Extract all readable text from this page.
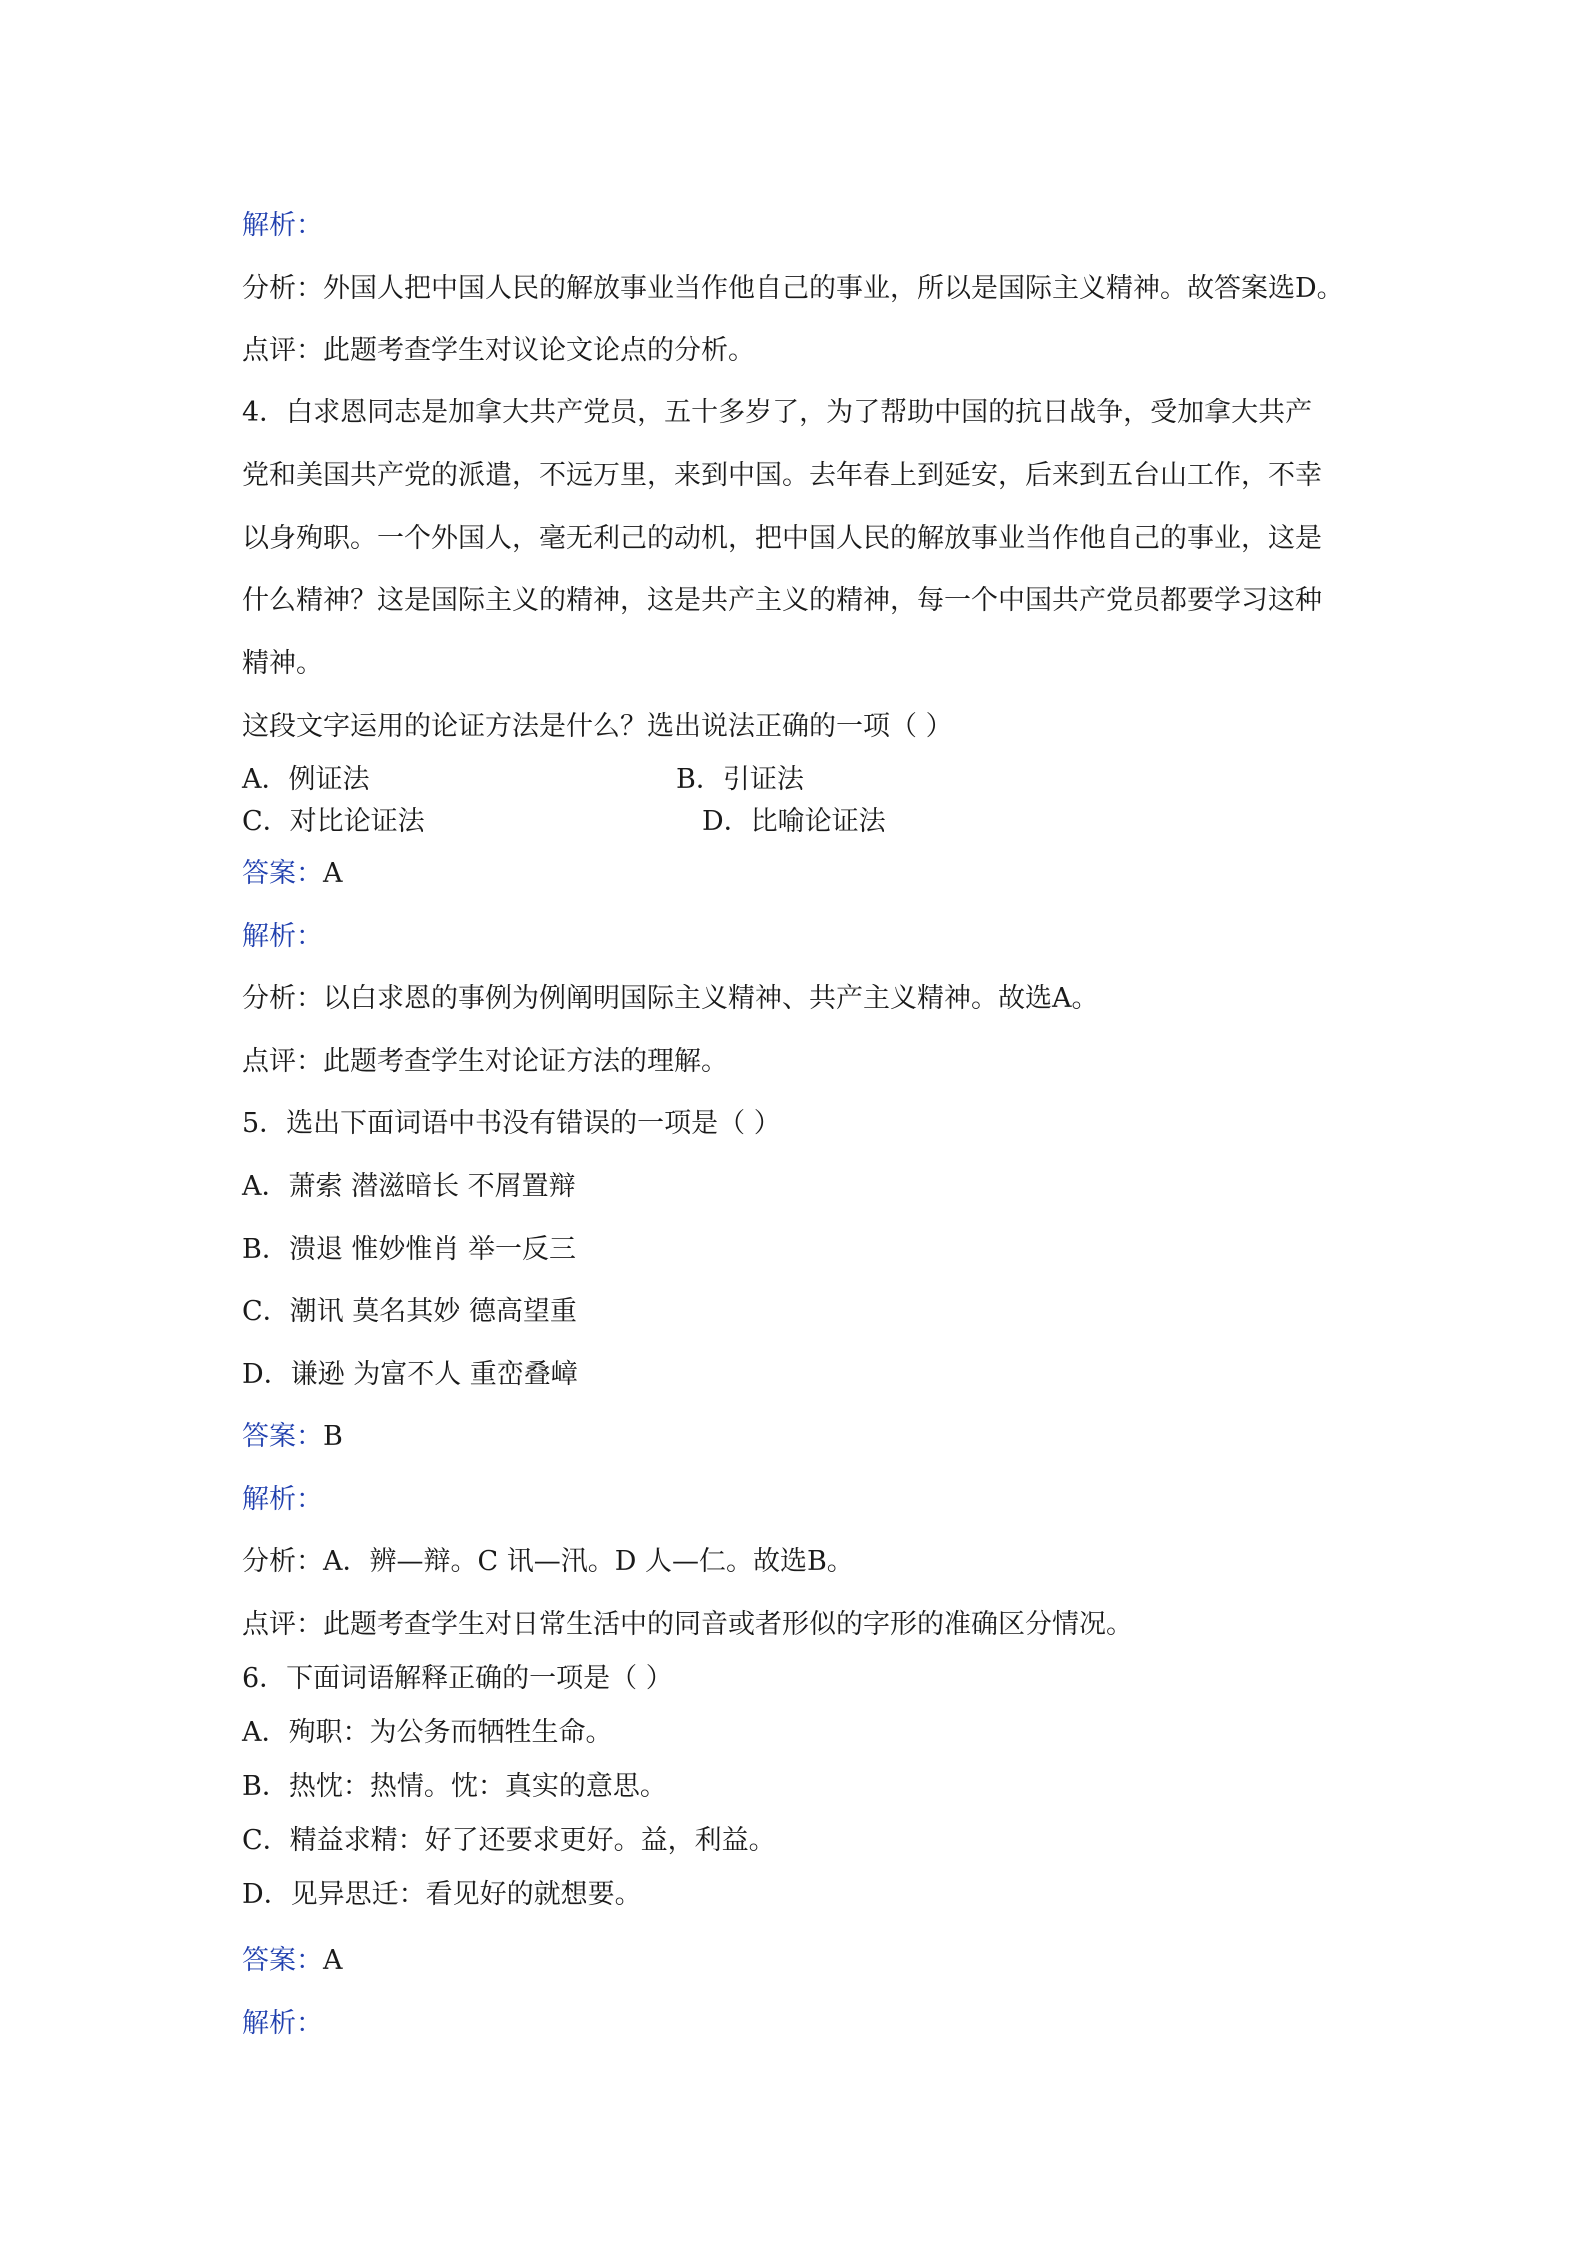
解析：
分析：外国人把中国人民的解放事业当作他自己的事业，所以是国际主义精神。故答案选D。
点评：此题考查学生对议论文论点的分析。
4．白求恩同志是加拿大共产党员，五十多岁了，为了帮助中国的抗日战争，受加拿大共产
党和美国共产党的派遣，不远万里，来到中国。去年春上到延安，后来到五台山工作，不幸
以身殉职。一个外国人，毫无利己的动机，把中国人民的解放事业当作他自己的事业，这是
什么精神？这是国际主义的精神，这是共产主义的精神，每一个中国共产党员都要学习这种
精神。
这段文字运用的论证方法是什么？选出说法正确的一项（ ）
A．例证法	B．引证法
C．对比论证法	D．比喻论证法
答案：A
解析：
分析：以白求恩的事例为例阐明国际主义精神、共产主义精神。故选A。
点评：此题考查学生对论证方法的理解。
5．选出下面词语中书没有错误的一项是（ ）
A．萧索 潜滋暗长 不屑置辩
B．溃退 惟妙惟肖 举一反三
C．潮讯 莫名其妙 德高望重
D．谦逊 为富不人 重峦叠嶂
答案：B
解析：
分析：A．辨—辩。C 讯—汛。D 人—仁。故选B。
点评：此题考查学生对日常生活中的同音或者形似的字形的准确区分情况。
6．下面词语解释正确的一项是（ ）
A．殉职：为公务而牺牲生命。
B．热忱：热情。忱：真实的意思。
C．精益求精：好了还要求更好。益，利益。
D．见异思迁：看见好的就想要。
答案：A
解析：
